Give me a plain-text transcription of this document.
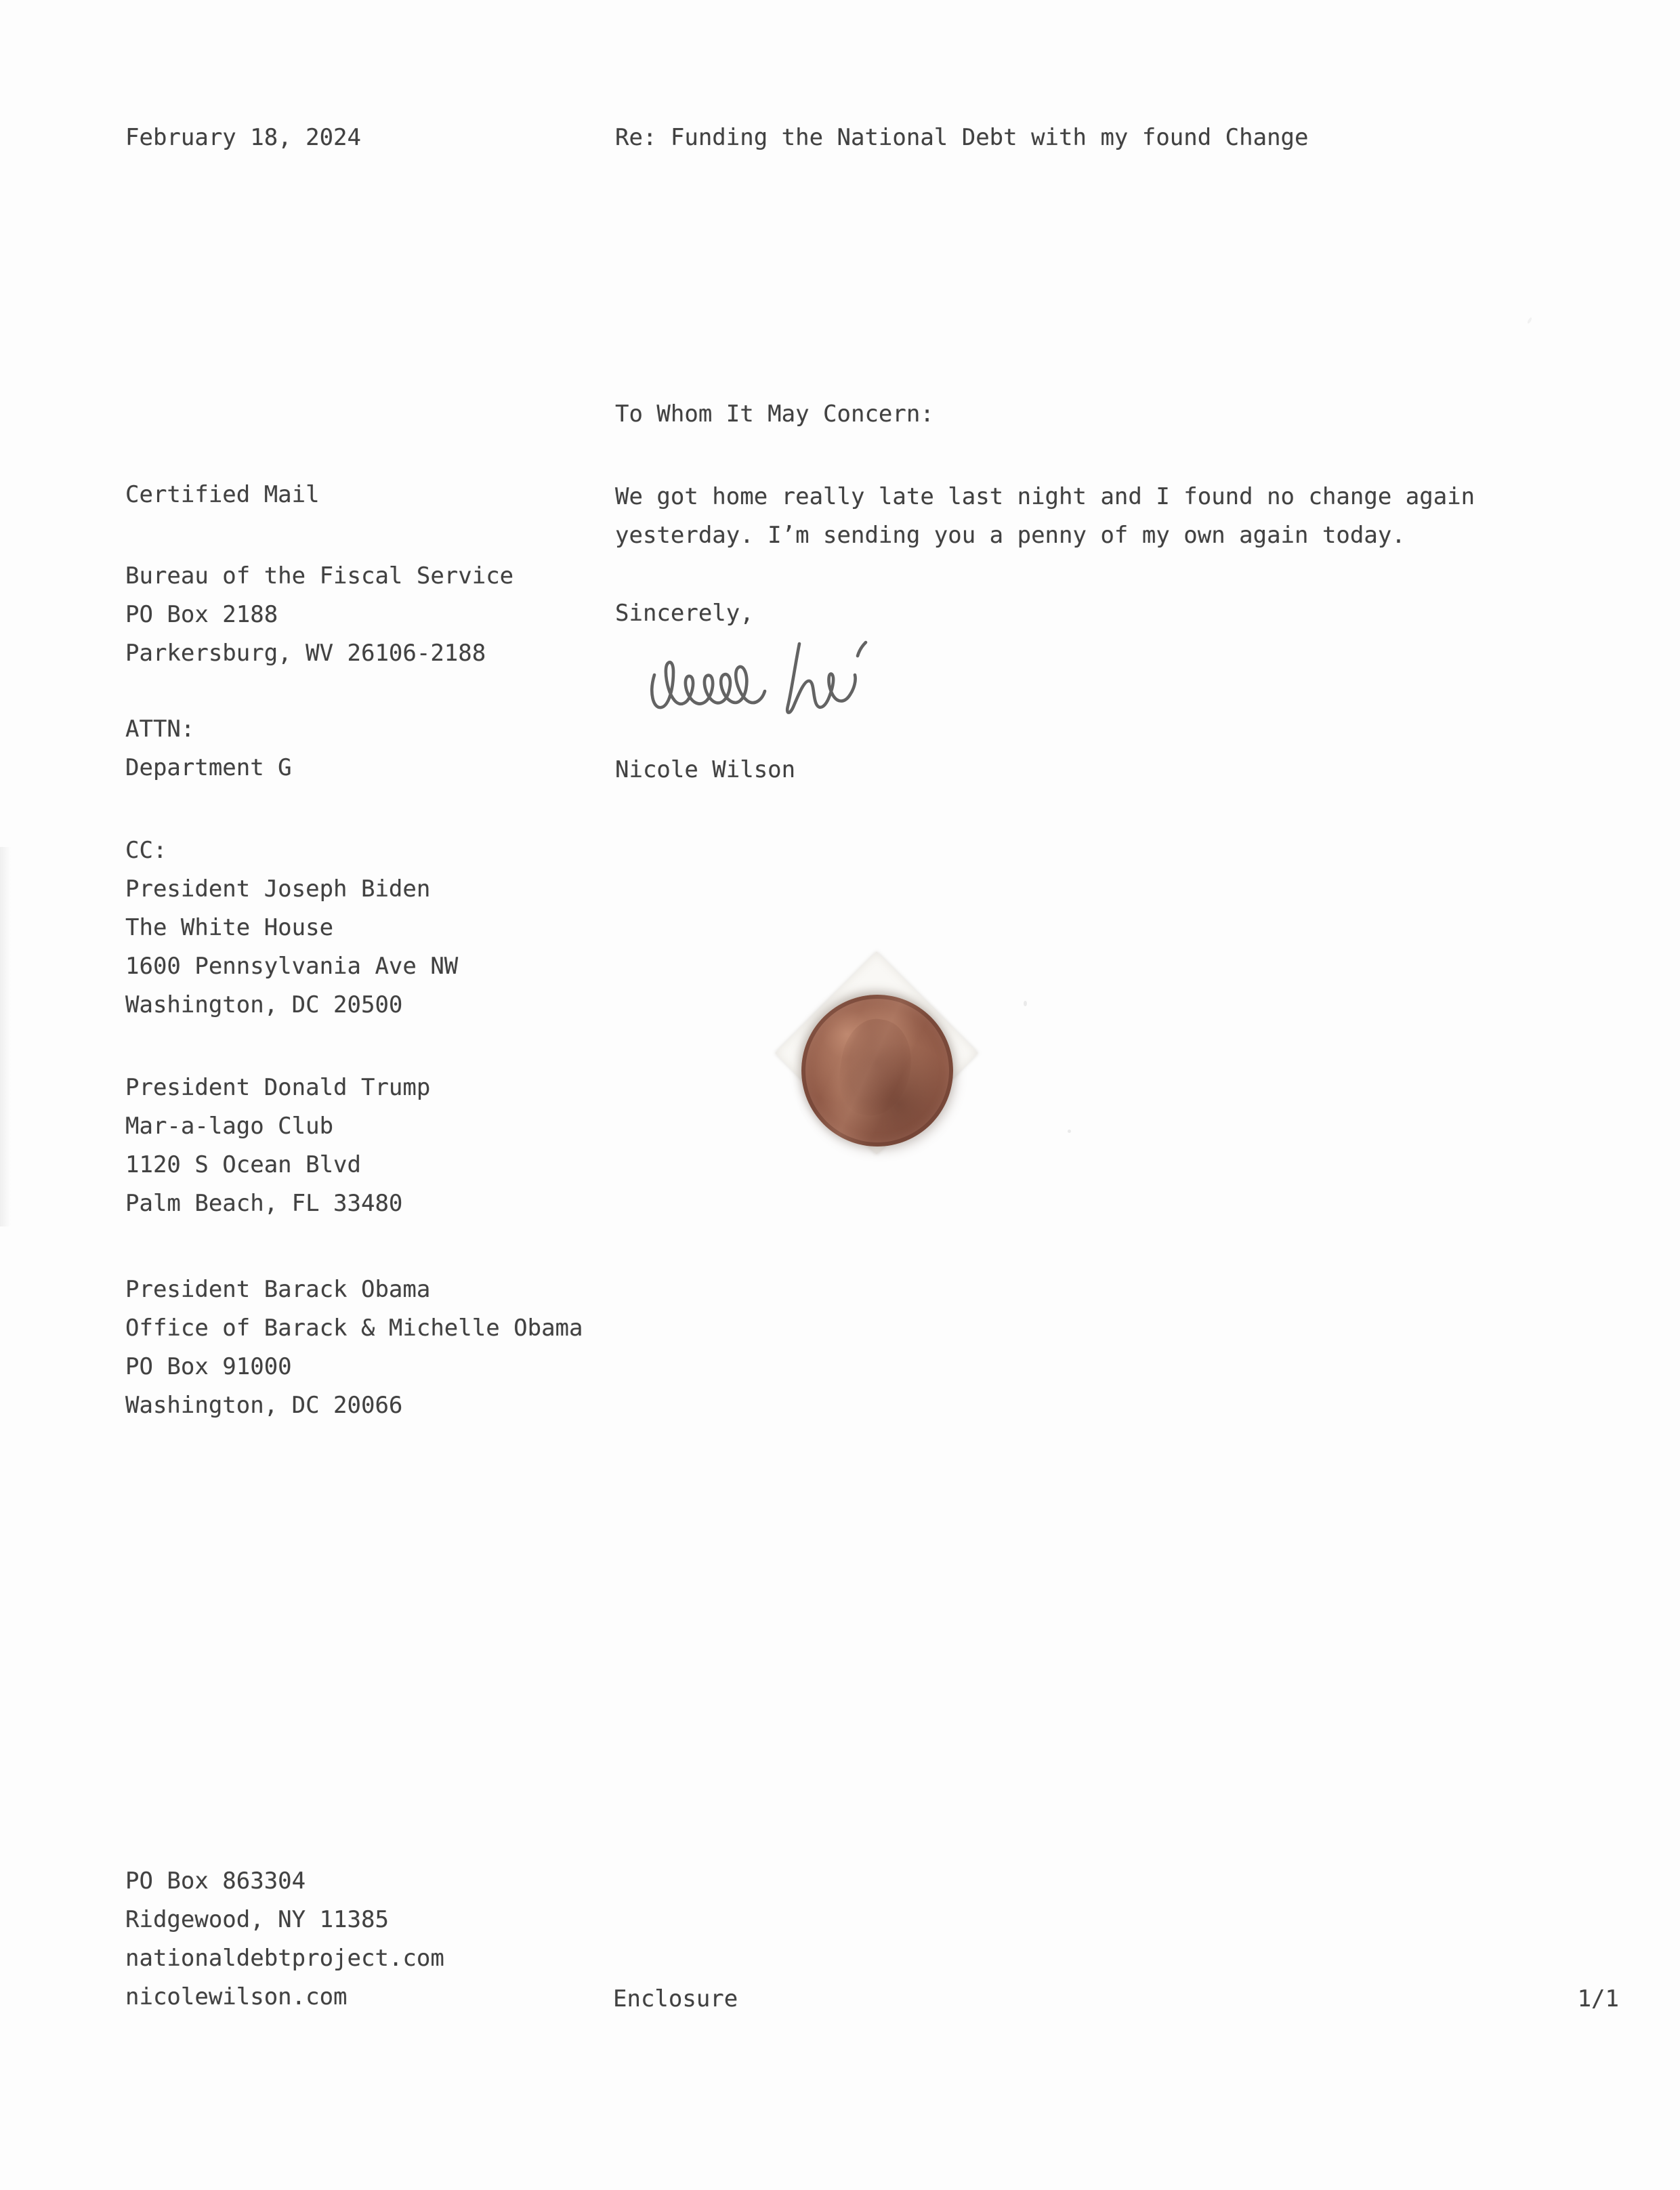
February 18, 2024	Re: Funding the National Debt with my found Change
Certified Mail
Bureau of the Fiscal Service
PO Box 2188
Parkersburg, WV 26106-2188
ATTN:
Department G
CC:
President Joseph Biden
The White House
1600 Pennsylvania Ave NW
Washington, DC 20500
President Donald Trump
Mar-a-lago Club
1120 S Ocean Blvd
Palm Beach, FL 33480
President Barack Obama
Office of Barack & Michelle Obama
PO Box 91000
Washington, DC 20066
To Whom It May Concern:
We got home really late last night and I found no change again
yesterday. I’m sending you a penny of my own again today.
Sincerely,
Nicole Wilson
PO Box 863304
Ridgewood, NY 11385
nationaldebtproject.com
nicolewilson.com	Enclosure	1/1
